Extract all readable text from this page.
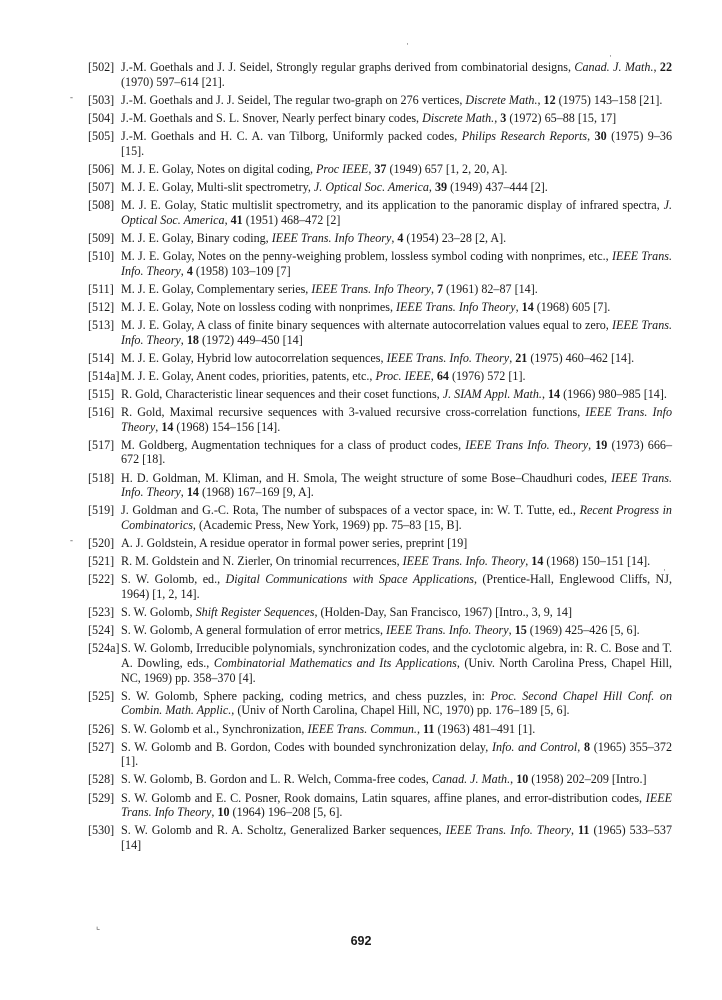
·
·
-
-
·
⌞
[502] J.-M. Goethals and J. J. Seidel, Strongly regular graphs derived from combinatorial designs, Canad. J. Math., 22 (1970) 597–614 [21].
[503] J.-M. Goethals and J. J. Seidel, The regular two-graph on 276 vertices, Discrete Math., 12 (1975) 143–158 [21].
[504] J.-M. Goethals and S. L. Snover, Nearly perfect binary codes, Discrete Math., 3 (1972) 65–88 [15, 17]
[505] J.-M. Goethals and H. C. A. van Tilborg, Uniformly packed codes, Philips Research Reports, 30 (1975) 9–36 [15].
[506] M. J. E. Golay, Notes on digital coding, Proc IEEE, 37 (1949) 657 [1, 2, 20, A].
[507] M. J. E. Golay, Multi-slit spectrometry, J. Optical Soc. America, 39 (1949) 437–444 [2].
[508] M. J. E. Golay, Static multislit spectrometry, and its application to the panoramic display of infrared spectra, J. Optical Soc. America, 41 (1951) 468–472 [2]
[509] M. J. E. Golay, Binary coding, IEEE Trans. Info Theory, 4 (1954) 23–28 [2, A].
[510] M. J. E. Golay, Notes on the penny-weighing problem, lossless symbol coding with nonprimes, etc., IEEE Trans. Info. Theory, 4 (1958) 103–109 [7]
[511] M. J. E. Golay, Complementary series, IEEE Trans. Info Theory, 7 (1961) 82–87 [14].
[512] M. J. E. Golay, Note on lossless coding with nonprimes, IEEE Trans. Info Theory, 14 (1968) 605 [7].
[513] M. J. E. Golay, A class of finite binary sequences with alternate autocorrelation values equal to zero, IEEE Trans. Info. Theory, 18 (1972) 449–450 [14]
[514] M. J. E. Golay, Hybrid low autocorrelation sequences, IEEE Trans. Info. Theory, 21 (1975) 460–462 [14].
[514a] M. J. E. Golay, Anent codes, priorities, patents, etc., Proc. IEEE, 64 (1976) 572 [1].
[515] R. Gold, Characteristic linear sequences and their coset functions, J. SIAM Appl. Math., 14 (1966) 980–985 [14].
[516] R. Gold, Maximal recursive sequences with 3-valued recursive cross-correlation functions, IEEE Trans. Info Theory, 14 (1968) 154–156 [14].
[517] M. Goldberg, Augmentation techniques for a class of product codes, IEEE Trans Info. Theory, 19 (1973) 666–672 [18].
[518] H. D. Goldman, M. Kliman, and H. Smola, The weight structure of some Bose–Chaudhuri codes, IEEE Trans. Info. Theory, 14 (1968) 167–169 [9, A].
[519] J. Goldman and G.-C. Rota, The number of subspaces of a vector space, in: W. T. Tutte, ed., Recent Progress in Combinatorics, (Academic Press, New York, 1969) pp. 75–83 [15, B].
[520] A. J. Goldstein, A residue operator in formal power series, preprint [19]
[521] R. M. Goldstein and N. Zierler, On trinomial recurrences, IEEE Trans. Info. Theory, 14 (1968) 150–151 [14].
[522] S. W. Golomb, ed., Digital Communications with Space Applications, (Prentice-Hall, Englewood Cliffs, NJ, 1964) [1, 2, 14].
[523] S. W. Golomb, Shift Register Sequences, (Holden-Day, San Francisco, 1967) [Intro., 3, 9, 14]
[524] S. W. Golomb, A general formulation of error metrics, IEEE Trans. Info. Theory, 15 (1969) 425–426 [5, 6].
[524a] S. W. Golomb, Irreducible polynomials, synchronization codes, and the cyclotomic algebra, in: R. C. Bose and T. A. Dowling, eds., Combinatorial Mathematics and Its Applications, (Univ. North Carolina Press, Chapel Hill, NC, 1969) pp. 358–370 [4].
[525] S. W. Golomb, Sphere packing, coding metrics, and chess puzzles, in: Proc. Second Chapel Hill Conf. on Combin. Math. Applic., (Univ of North Carolina, Chapel Hill, NC, 1970) pp. 176–189 [5, 6].
[526] S. W. Golomb et al., Synchronization, IEEE Trans. Commun., 11 (1963) 481–491 [1].
[527] S. W. Golomb and B. Gordon, Codes with bounded synchronization delay, Info. and Control, 8 (1965) 355–372 [1].
[528] S. W. Golomb, B. Gordon and L. R. Welch, Comma-free codes, Canad. J. Math., 10 (1958) 202–209 [Intro.]
[529] S. W. Golomb and E. C. Posner, Rook domains, Latin squares, affine planes, and error-distribution codes, IEEE Trans. Info Theory, 10 (1964) 196–208 [5, 6].
[530] S. W. Golomb and R. A. Scholtz, Generalized Barker sequences, IEEE Trans. Info. Theory, 11 (1965) 533–537 [14]
692
